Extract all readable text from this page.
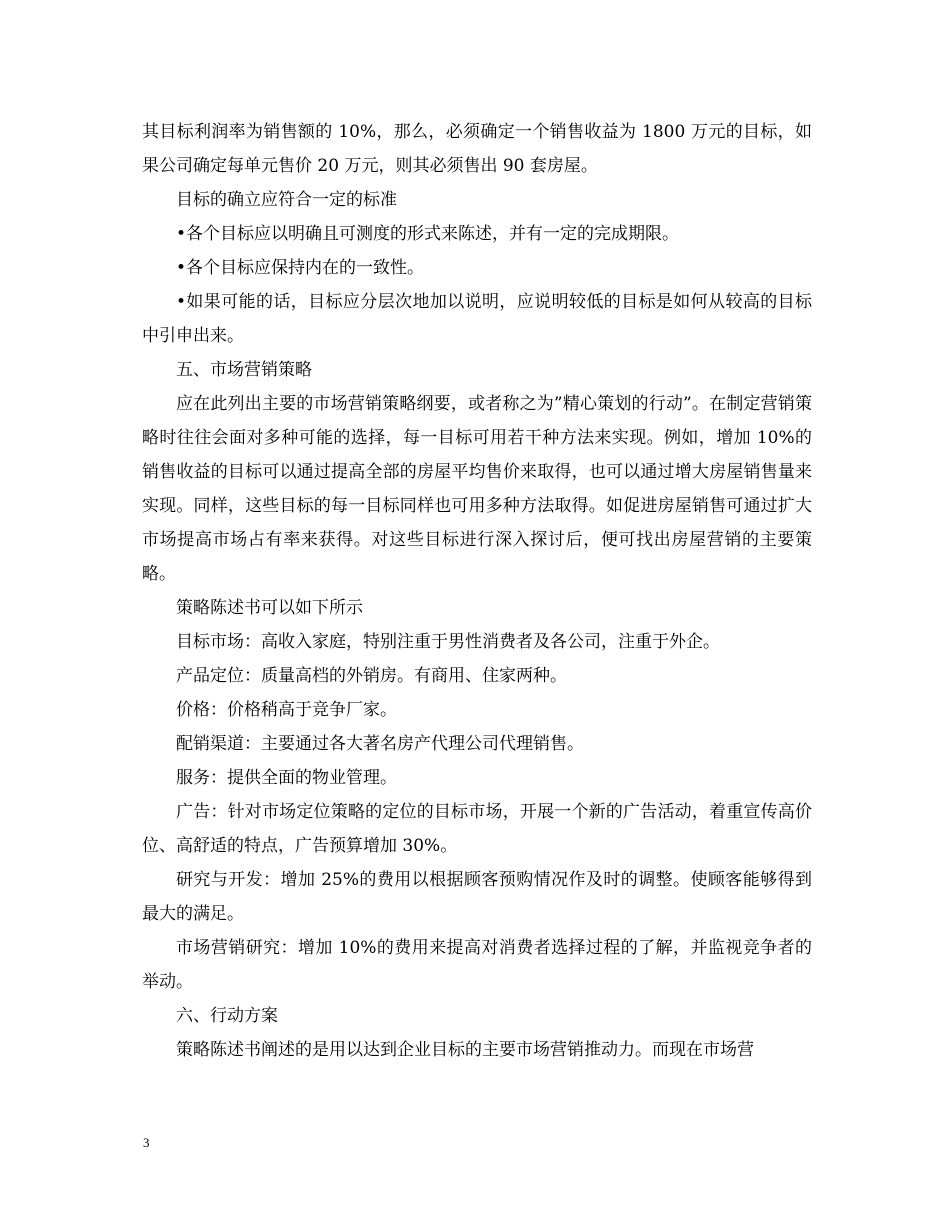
其目标利润率为销售额的 10%，那么，必须确定一个销售收益为 1800 万元的目标，如果公司确定每单元售价 20 万元，则其必须售出 90 套房屋。

目标的确立应符合一定的标准

•各个目标应以明确且可测度的形式来陈述，并有一定的完成期限。

•各个目标应保持内在的一致性。

•如果可能的话，目标应分层次地加以说明，应说明较低的目标是如何从较高的目标中引申出来。

五、市场营销策略

应在此列出主要的市场营销策略纲要，或者称之为”精心策划的行动”。在制定营销策略时往往会面对多种可能的选择，每一目标可用若干种方法来实现。例如，增加 10%的销售收益的目标可以通过提高全部的房屋平均售价来取得，也可以通过增大房屋销售量来实现。同样，这些目标的每一目标同样也可用多种方法取得。如促进房屋销售可通过扩大市场提高市场占有率来获得。对这些目标进行深入探讨后，便可找出房屋营销的主要策略。

策略陈述书可以如下所示

目标市场：高收入家庭，特别注重于男性消费者及各公司，注重于外企。

产品定位：质量高档的外销房。有商用、住家两种。

价格：价格稍高于竞争厂家。

配销渠道：主要通过各大著名房产代理公司代理销售。

服务：提供全面的物业管理。

广告：针对市场定位策略的定位的目标市场，开展一个新的广告活动，着重宣传高价位、高舒适的特点，广告预算增加 30%。

研究与开发：增加 25%的费用以根据顾客预购情况作及时的调整。使顾客能够得到最大的满足。

市场营销研究：增加 10%的费用来提高对消费者选择过程的了解，并监视竞争者的举动。

六、行动方案

策略陈述书阐述的是用以达到企业目标的主要市场营销推动力。而现在市场营

3
